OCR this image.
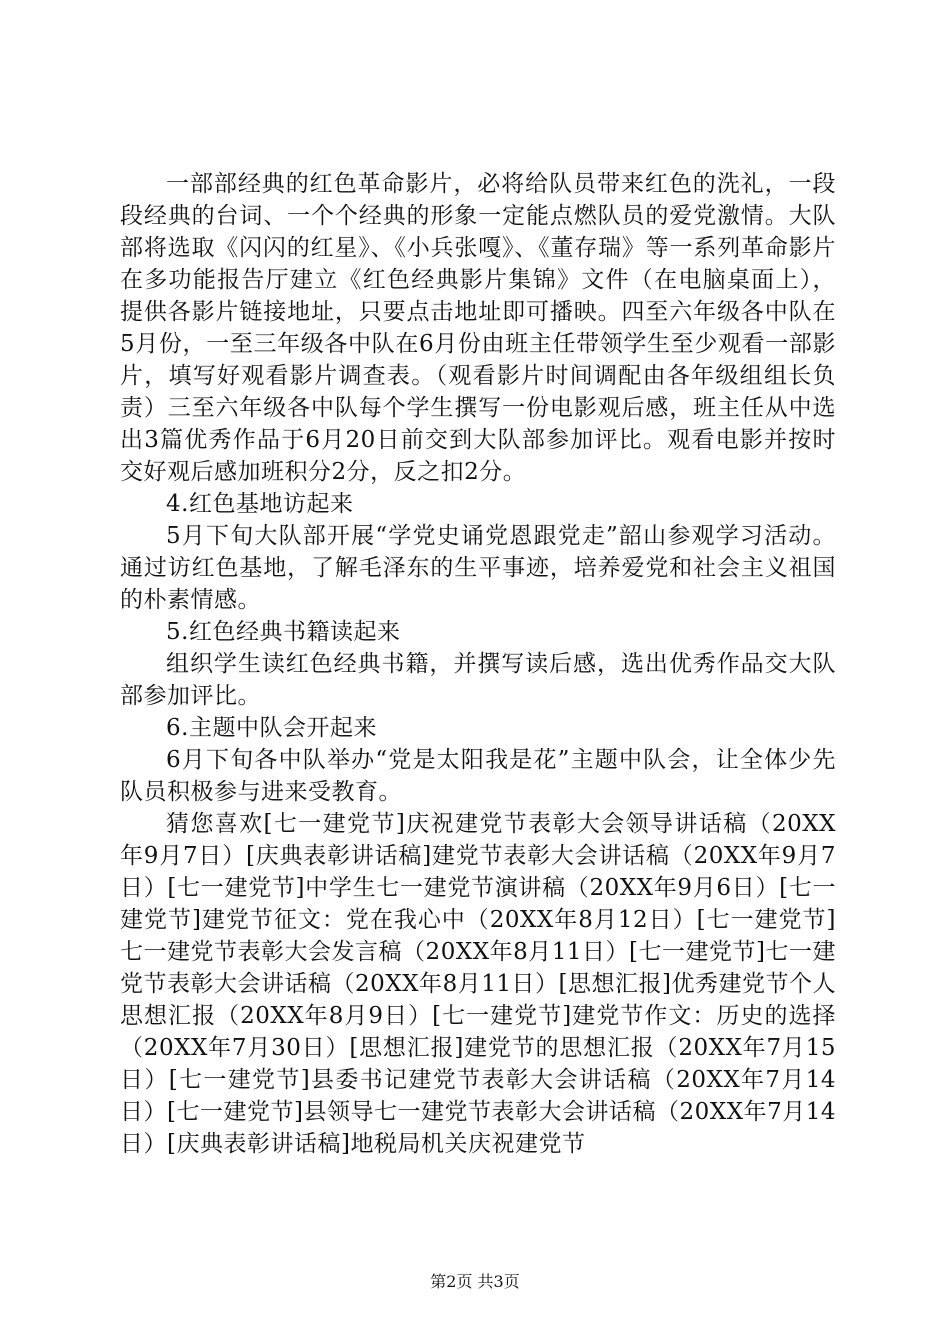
一部部经典的红色革命影片，必将给队员带来红色的洗礼，一段段经典的台词、一个个经典的形象一定能点燃队员的爱党激情。大队部将选取《闪闪的红星》、《小兵张嘎》、《董存瑞》等一系列革命影片在多功能报告厅建立《红色经典影片集锦》文件（在电脑桌面上），提供各影片链接地址，只要点击地址即可播映。四至六年级各中队在5月份，一至三年级各中队在6月份由班主任带领学生至少观看一部影片，填写好观看影片调查表。（观看影片时间调配由各年级组组长负责）三至六年级各中队每个学生撰写一份电影观后感，班主任从中选出3篇优秀作品于6月20日前交到大队部参加评比。观看电影并按时交好观后感加班积分2分，反之扣2分。

4.红色基地访起来

5月下旬大队部开展“学党史诵党恩跟党走”韶山参观学习活动。通过访红色基地，了解毛泽东的生平事迹，培养爱党和社会主义祖国的朴素情感。

5.红色经典书籍读起来

组织学生读红色经典书籍，并撰写读后感，选出优秀作品交大队部参加评比。

6.主题中队会开起来

6月下旬各中队举办“党是太阳我是花”主题中队会，让全体少先队员积极参与进来受教育。

猜您喜欢[七一建党节]庆祝建党节表彰大会领导讲话稿（20XX年9月7日）[庆典表彰讲话稿]建党节表彰大会讲话稿（20XX年9月7日）[七一建党节]中学生七一建党节演讲稿（20XX年9月6日）[七一建党节]建党节征文：党在我心中（20XX年8月12日）[七一建党节]七一建党节表彰大会发言稿（20XX年8月11日）[七一建党节]七一建党节表彰大会讲话稿（20XX年8月11日）[思想汇报]优秀建党节个人思想汇报（20XX年8月9日）[七一建党节]建党节作文：历史的选择（20XX年7月30日）[思想汇报]建党节的思想汇报（20XX年7月15日）[七一建党节]县委书记建党节表彰大会讲话稿（20XX年7月14日）[七一建党节]县领导七一建党节表彰大会讲话稿（20XX年7月14日）[庆典表彰讲话稿]地税局机关庆祝建党节

第2页 共3页
